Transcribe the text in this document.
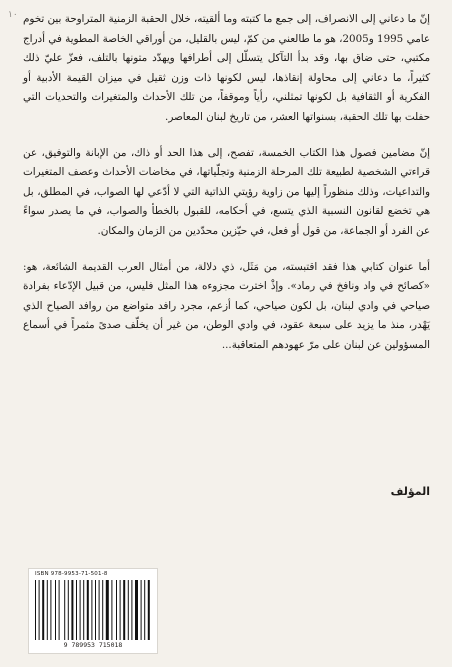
١٠ إنّ ما دعاني إلى الانصراف، إلى جمع ما كتبته وما ألقيته، خلال الحقبة الزمنية المتراوحة بين تخوم عامي 1995 و2005، هو ما طالعني من كمّ، ليس بالقليل، من أوراقي الخاصة المطوية في أدراج مكتبي، حتى ضاق بها، وقد بدأ التآكل يتسلّل إلى أطرافها ويهدّد متونها بالتلف، فعزّ عليّ ذلك كثيراً، ما دعاني إلى محاولة إنقاذها، ليس لكونها ذات وزن ثقيل في ميزان القيمة الأدبية أو الفكرية أو الثقافية بل لكونها تمثلني، رأياً وموقفاً، من تلك الأحداث والمتغيرات والتحديات التي حفلت بها تلك الحقبة، بسنواتها العشر، من تاريخ لبنان المعاصر.

إنّ مضامين فصول هذا الكتاب الخمسة، تفصح، إلى هذا الحد أو ذاك، من الإبانة والتوفيق، عن قراءتي الشخصية لطبيعة تلك المرحلة الزمنية وتجلّياتها، في مخاضات الأحداث وعصف المتغيرات والتداعيات، وذلك منظوراً إليها من زاوية رؤيتي الذاتية التي لا أدّعي لها الصواب، في المطلق، بل هي تخضع لقانون النسبية الذي يتسع، في أحكامه، للقبول بالخطأ والصواب، في ما يصدر سواءً عن الفرد أو الجماعة، من قول أو فعل، في حيّزين محدّدين من الزمان والمكان.

أما عنوان كتابي هذا فقد اقتبسته، من مَثَل، ذي دلالة، من أمثال العرب القديمة الشائعة، هو: «كصائح في واد ونافخ في رماد». وإذْ اخترت مجزوءه هذا المثل فليس، من قبيل الإدّعاء بفرادة صياحي في وادي لبنان، بل لكون صياحي، كما أزعم، مجرد رافد متواضع من روافد الصياح الذي يَهْدر، منذ ما يزيد على سبعة عقود، في وادي الوطن، من غير أن يخلّف صدىً مثمراً في أسماع المسؤولين عن لبنان على مرّ عهودهم المتعاقبة...

المؤلف
ISBN 978-9953-71-501-8
9 789953 715018
